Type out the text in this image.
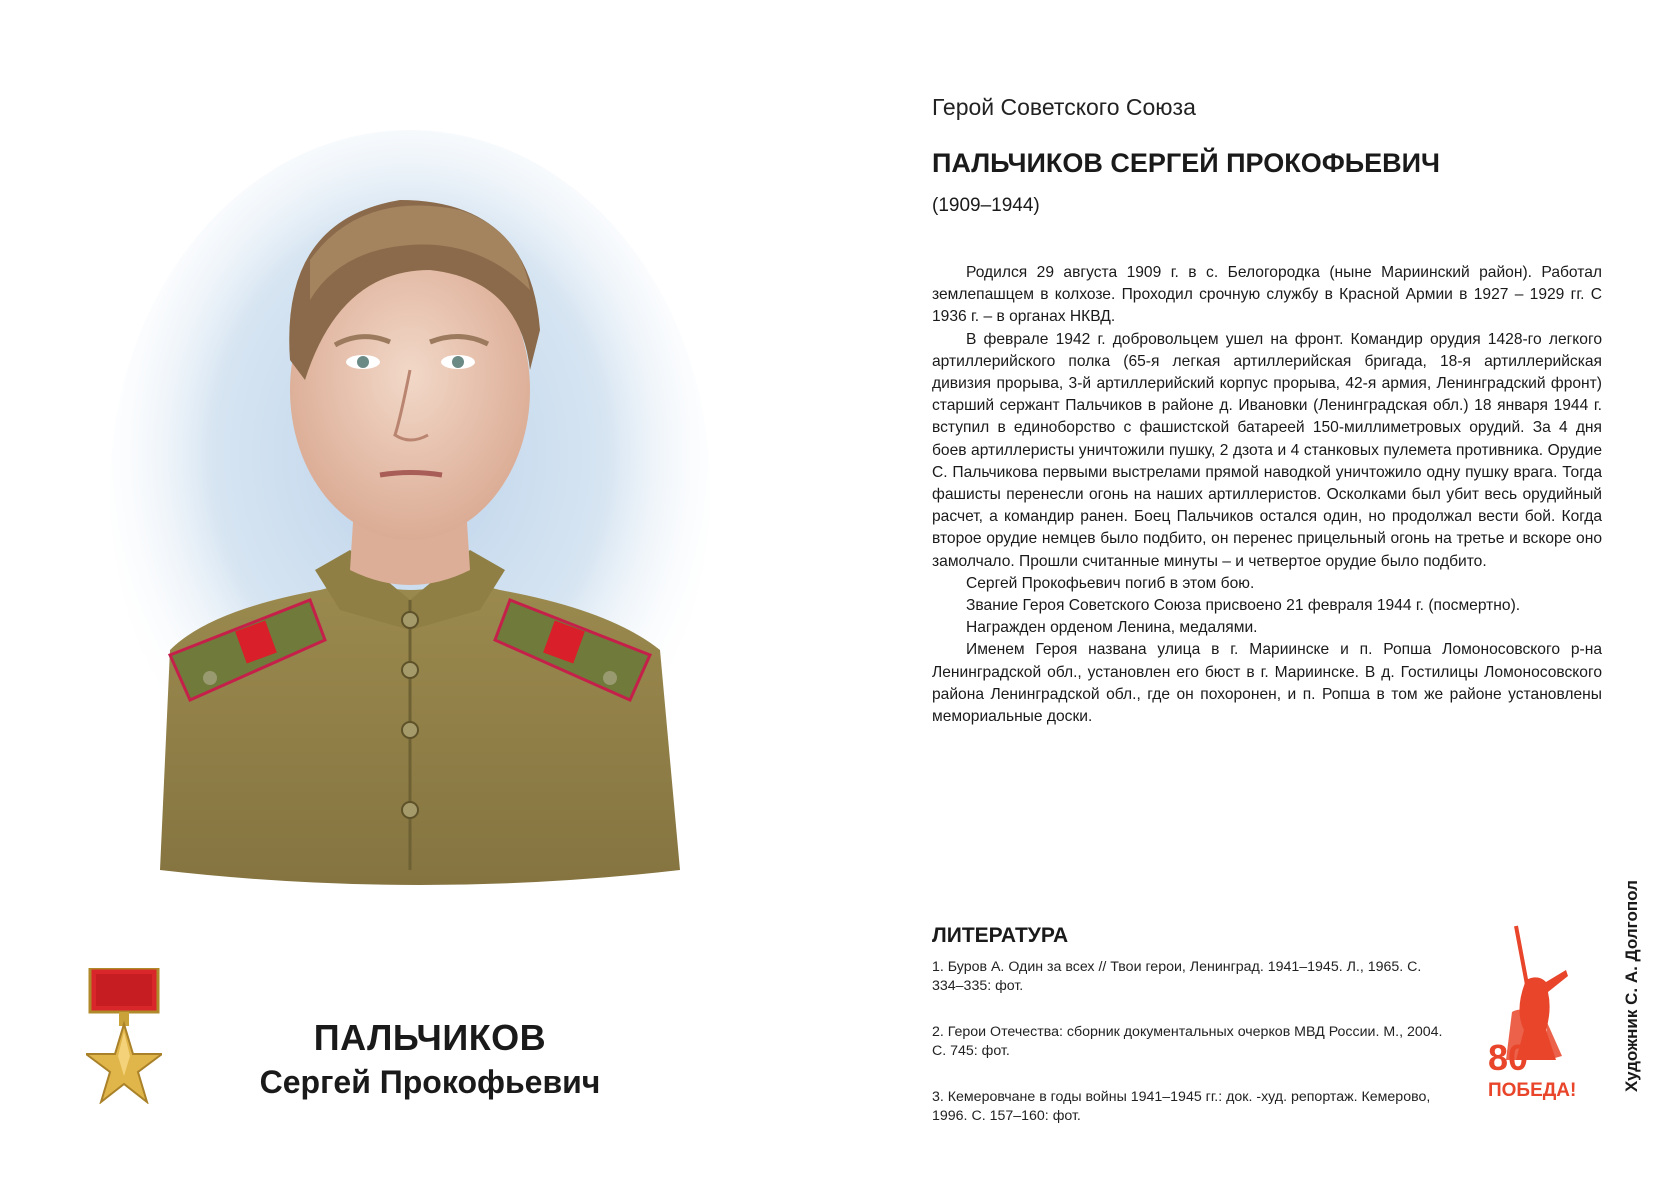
ПАЛЬЧИКОВ
Сергей Прокофьевич
Герой Советского Союза
ПАЛЬЧИКОВ СЕРГЕЙ ПРОКОФЬЕВИЧ
(1909–1944)

Родился 29 августа 1909 г. в с. Белогородка (ныне Мариинский район). Работал землепашцем в колхозе. Проходил срочную службу в Красной Армии в 1927 – 1929 гг. С 1936 г. – в органах НКВД.

В феврале 1942 г. добровольцем ушел на фронт. Командир орудия 1428-го легкого артиллерийского полка (65-я легкая артиллерийская бригада, 18-я артиллерийская дивизия прорыва, 3-й артиллерийский корпус прорыва, 42-я армия, Ленинградский фронт) старший сержант Пальчиков в районе д. Ивановки (Ленинградская обл.) 18 января 1944 г. вступил в единоборство с фашистской батареей 150-миллиметровых орудий. За 4 дня боев артиллеристы уничтожили пушку, 2 дзота и 4 станковых пулемета противника. Орудие С. Пальчикова первыми выстрелами прямой наводкой уничтожило одну пушку врага. Тогда фашисты перенесли огонь на наших артиллеристов. Осколками был убит весь орудийный расчет, а командир ранен. Боец Пальчиков остался один, но продолжал вести бой. Когда второе орудие немцев было подбито, он перенес прицельный огонь на третье и вскоре оно замолчало. Прошли считанные минуты – и четвертое орудие было подбито.

Сергей Прокофьевич погиб в этом бою.

Звание Героя Советского Союза присвоено 21 февраля 1944 г. (посмертно).

Награжден орденом Ленина, медалями.

Именем Героя названа улица в г. Мариинске и п. Ропша Ломоносовского р-на Ленинградской обл., установлен его бюст в г. Мариинске. В д. Гостилицы Ломоносовского района Ленинградской обл., где он похоронен, и п. Ропша в том же районе установлены мемориальные доски.

ЛИТЕРАТУРА

1. Буров А. Один за всех // Твои герои, Ленинград. 1941–1945. Л., 1965. С. 334–335: фот.

2. Герои Отечества: сборник документальных очерков МВД России. М., 2004. С. 745: фот.

3. Кемеровчане в годы войны 1941–1945 гг.: док. -худ. репортаж. Кемерово, 1996. С. 157–160: фот.

80
ПОБЕДА!	Художник С. А. Долгопол
